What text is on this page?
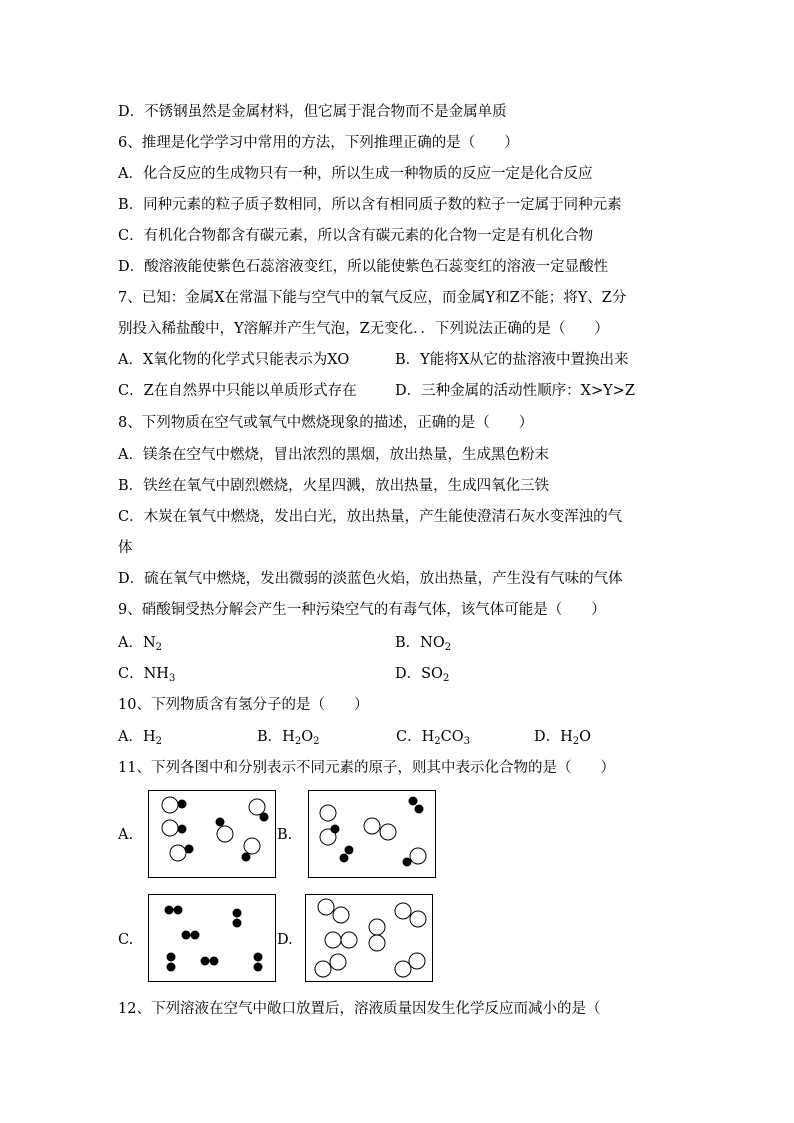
D．不锈钢虽然是金属材料，但它属于混合物而不是金属单质
6、推理是化学学习中常用的方法，下列推理正确的是（　　）
A．化合反应的生成物只有一种，所以生成一种物质的反应一定是化合反应
B．同种元素的粒子质子数相同，所以含有相同质子数的粒子一定属于同种元素
C．有机化合物都含有碳元素，所以含有碳元素的化合物一定是有机化合物
D．酸溶液能使紫色石蕊溶液变红，所以能使紫色石蕊变红的溶液一定显酸性
7、已知：金属X在常温下能与空气中的氧气反应，而金属Y和Z不能；将Y、Z分
别投入稀盐酸中，Y溶解并产生气泡，Z无变化．．下列说法正确的是（　　）
A．X氧化物的化学式只能表示为XO	B．Y能将X从它的盐溶液中置换出来
C．Z在自然界中只能以单质形式存在	D．三种金属的活动性顺序：X>Y>Z
8、下列物质在空气或氧气中燃烧现象的描述，正确的是（　　）
A．镁条在空气中燃烧，冒出浓烈的黑烟，放出热量，生成黑色粉末
B．铁丝在氧气中剧烈燃烧，火星四溅，放出热量，生成四氧化三铁
C．木炭在氧气中燃烧，发出白光，放出热量，产生能使澄清石灰水变浑浊的气
体
D．硫在氧气中燃烧，发出微弱的淡蓝色火焰，放出热量，产生没有气味的气体
9、硝酸铜受热分解会产生一种污染空气的有毒气体，该气体可能是（　　）
A．$N_2$	B．$NO_2$
C．$NH_3$	D．$SO_2$
10、下列物质含有氢分子的是（　　）
A．$H_2$	B．$H_2O_2$	C．$H_2CO_3$	D．$H_2O$
11、下列各图中和分别表示不同元素的原子，则其中表示化合物的是（　　）
A.	B.
C.	D.
12、下列溶液在空气中敞口放置后，溶液质量因发生化学反应而减小的是（
